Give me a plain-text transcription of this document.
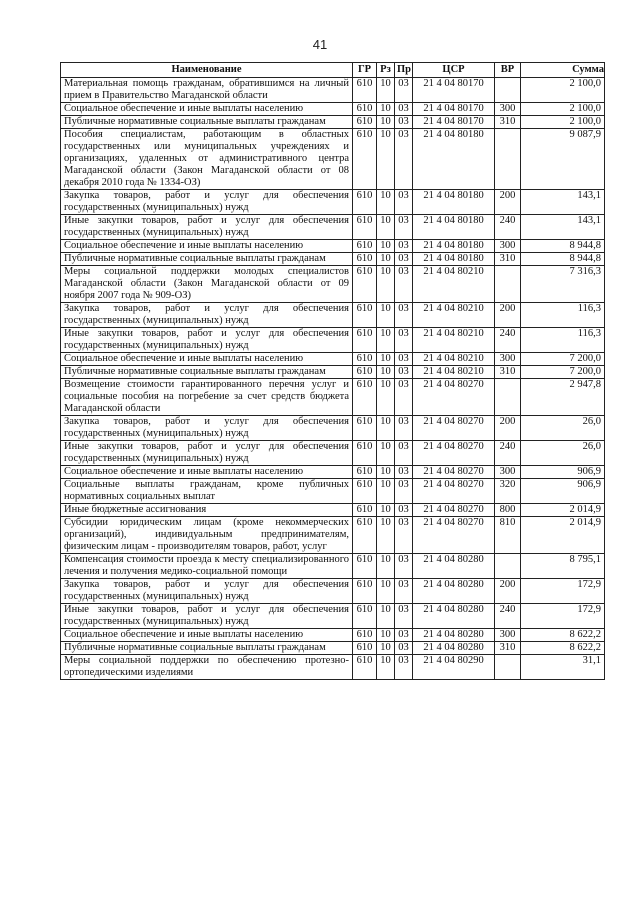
41
Наименование	ГР	Рз	Пр	ЦСР	ВР	Сумма
Материальная помощь гражданам, обратившимся на личный прием в Правительство Магаданской области	610	10	03	21 4 04 80170		2 100,0
Социальное обеспечение и иные выплаты населению	610	10	03	21 4 04 80170	300	2 100,0
Публичные нормативные социальные выплаты гражданам	610	10	03	21 4 04 80170	310	2 100,0
Пособия специалистам, работающим в областных государственных или муниципальных учреждениях и организациях, удаленных от административного центра Магаданской области (Закон Магаданской области от 08 декабря 2010 года № 1334-ОЗ)	610	10	03	21 4 04 80180		9 087,9
Закупка товаров, работ и услуг для обеспечения государственных (муниципальных) нужд	610	10	03	21 4 04 80180	200	143,1
Иные закупки товаров, работ и услуг для обеспечения государственных (муниципальных) нужд	610	10	03	21 4 04 80180	240	143,1
Социальное обеспечение и иные выплаты населению	610	10	03	21 4 04 80180	300	8 944,8
Публичные нормативные социальные выплаты гражданам	610	10	03	21 4 04 80180	310	8 944,8
Меры социальной поддержки молодых специалистов Магаданской области (Закон Магаданской области от 09 ноября 2007 года № 909-ОЗ)	610	10	03	21 4 04 80210		7 316,3
Закупка товаров, работ и услуг для обеспечения государственных (муниципальных) нужд	610	10	03	21 4 04 80210	200	116,3
Иные закупки товаров, работ и услуг для обеспечения государственных (муниципальных) нужд	610	10	03	21 4 04 80210	240	116,3
Социальное обеспечение и иные выплаты населению	610	10	03	21 4 04 80210	300	7 200,0
Публичные нормативные социальные выплаты гражданам	610	10	03	21 4 04 80210	310	7 200,0
Возмещение стоимости гарантированного перечня услуг и социальные пособия на погребение за счет средств бюджета Магаданской области	610	10	03	21 4 04 80270		2 947,8
Закупка товаров, работ и услуг для обеспечения государственных (муниципальных) нужд	610	10	03	21 4 04 80270	200	26,0
Иные закупки товаров, работ и услуг для обеспечения государственных (муниципальных) нужд	610	10	03	21 4 04 80270	240	26,0
Социальное обеспечение и иные выплаты населению	610	10	03	21 4 04 80270	300	906,9
Социальные выплаты гражданам, кроме публичных нормативных социальных выплат	610	10	03	21 4 04 80270	320	906,9
Иные бюджетные ассигнования	610	10	03	21 4 04 80270	800	2 014,9
Субсидии юридическим лицам (кроме некоммерческих организаций), индивидуальным предпринимателям, физическим лицам - производителям товаров, работ, услуг	610	10	03	21 4 04 80270	810	2 014,9
Компенсация стоимости проезда к месту специализированного лечения и получения медико-социальной помощи	610	10	03	21 4 04 80280		8 795,1
Закупка товаров, работ и услуг для обеспечения государственных (муниципальных) нужд	610	10	03	21 4 04 80280	200	172,9
Иные закупки товаров, работ и услуг для обеспечения государственных (муниципальных) нужд	610	10	03	21 4 04 80280	240	172,9
Социальное обеспечение и иные выплаты населению	610	10	03	21 4 04 80280	300	8 622,2
Публичные нормативные социальные выплаты гражданам	610	10	03	21 4 04 80280	310	8 622,2
Меры социальной поддержки по обеспечению протезно-ортопедическими изделиями	610	10	03	21 4 04 80290		31,1
